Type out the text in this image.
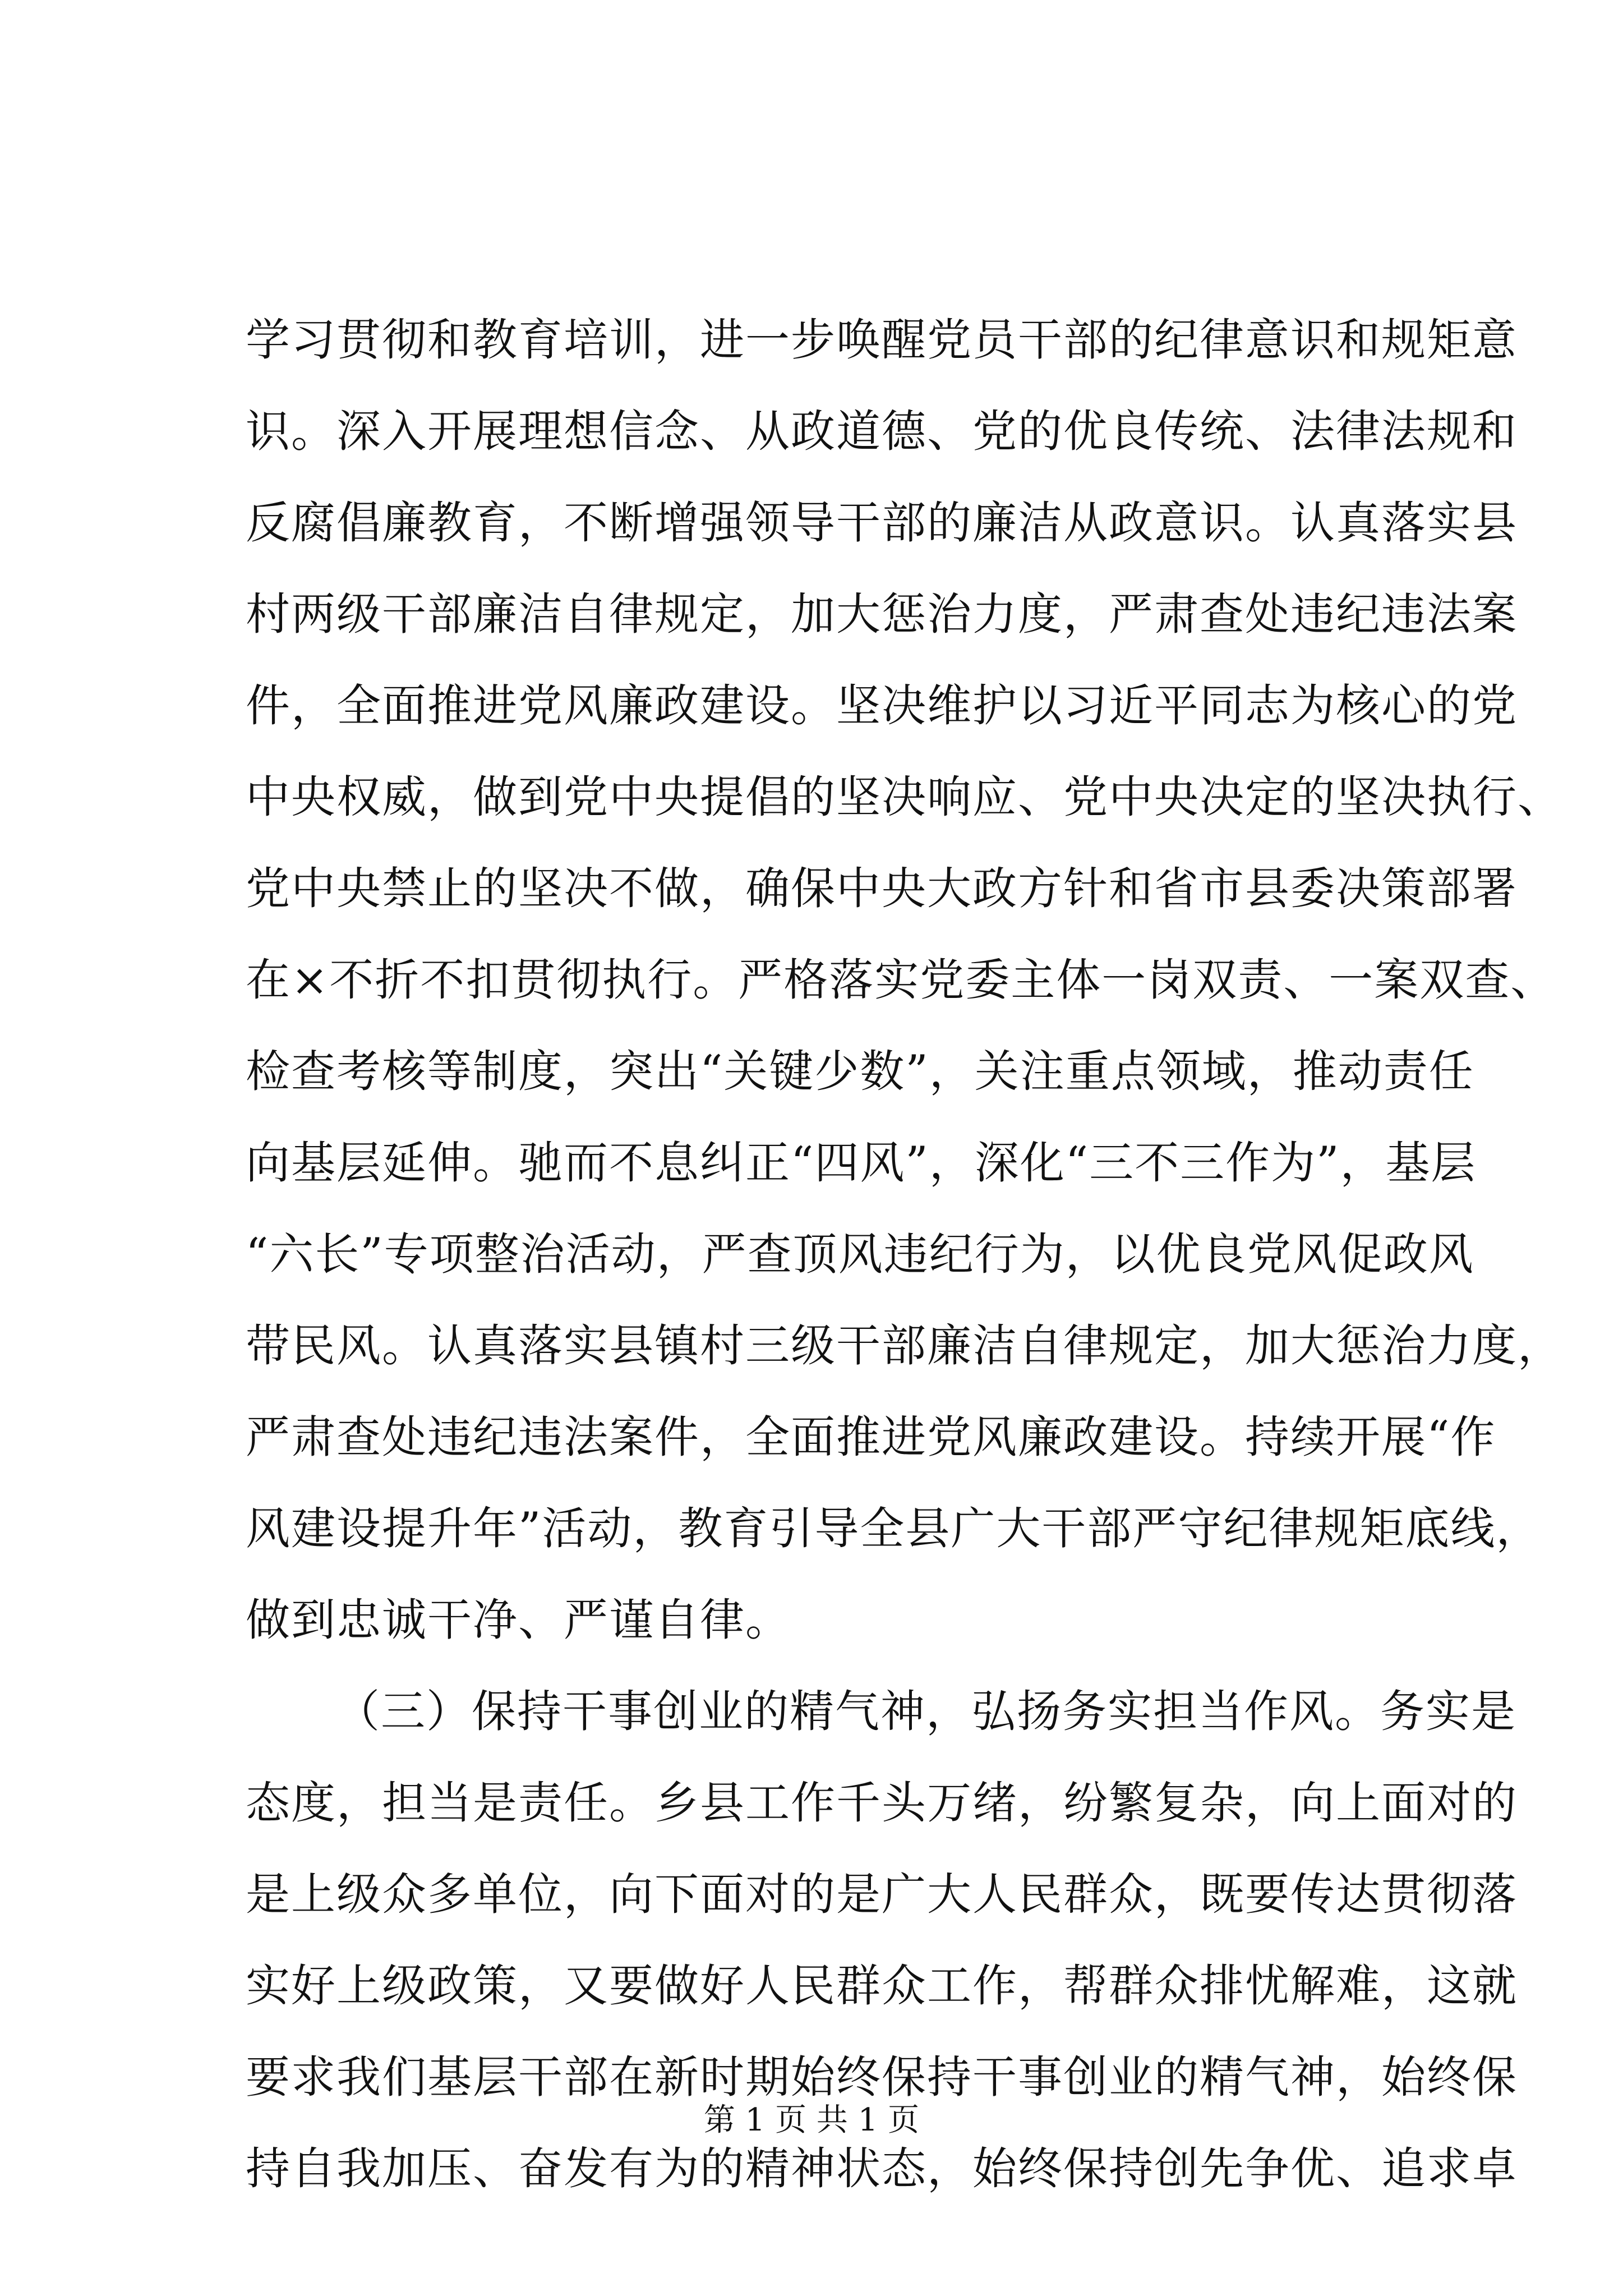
学习贯彻和教育培训，进一步唤醒党员干部的纪律意识和规矩意
识。深入开展理想信念、从政道德、党的优良传统、法律法规和
反腐倡廉教育，不断增强领导干部的廉洁从政意识。认真落实县
村两级干部廉洁自律规定，加大惩治力度，严肃查处违纪违法案
件，全面推进党风廉政建设。坚决维护以习近平同志为核心的党
中央权威，做到党中央提倡的坚决响应、党中央决定的坚决执行、
党中央禁止的坚决不做，确保中央大政方针和省市县委决策部署
在×不折不扣贯彻执行。严格落实党委主体一岗双责、一案双查、
检查考核等制度，突出“关键少数”，关注重点领域，推动责任
向基层延伸。驰而不息纠正“四风”，深化“三不三作为”，基层
“六长”专项整治活动，严查顶风违纪行为，以优良党风促政风
带民风。认真落实县镇村三级干部廉洁自律规定，加大惩治力度，
严肃查处违纪违法案件，全面推进党风廉政建设。持续开展“作
风建设提升年”活动，教育引导全县广大干部严守纪律规矩底线，
做到忠诚干净、严谨自律。
（三）保持干事创业的精气神，弘扬务实担当作风。务实是
态度，担当是责任。乡县工作千头万绪，纷繁复杂，向上面对的
是上级众多单位，向下面对的是广大人民群众，既要传达贯彻落
实好上级政策，又要做好人民群众工作，帮群众排忧解难，这就
要求我们基层干部在新时期始终保持干事创业的精气神，始终保
持自我加压、奋发有为的精神状态，始终保持创先争优、追求卓
第 1 页 共 1 页
